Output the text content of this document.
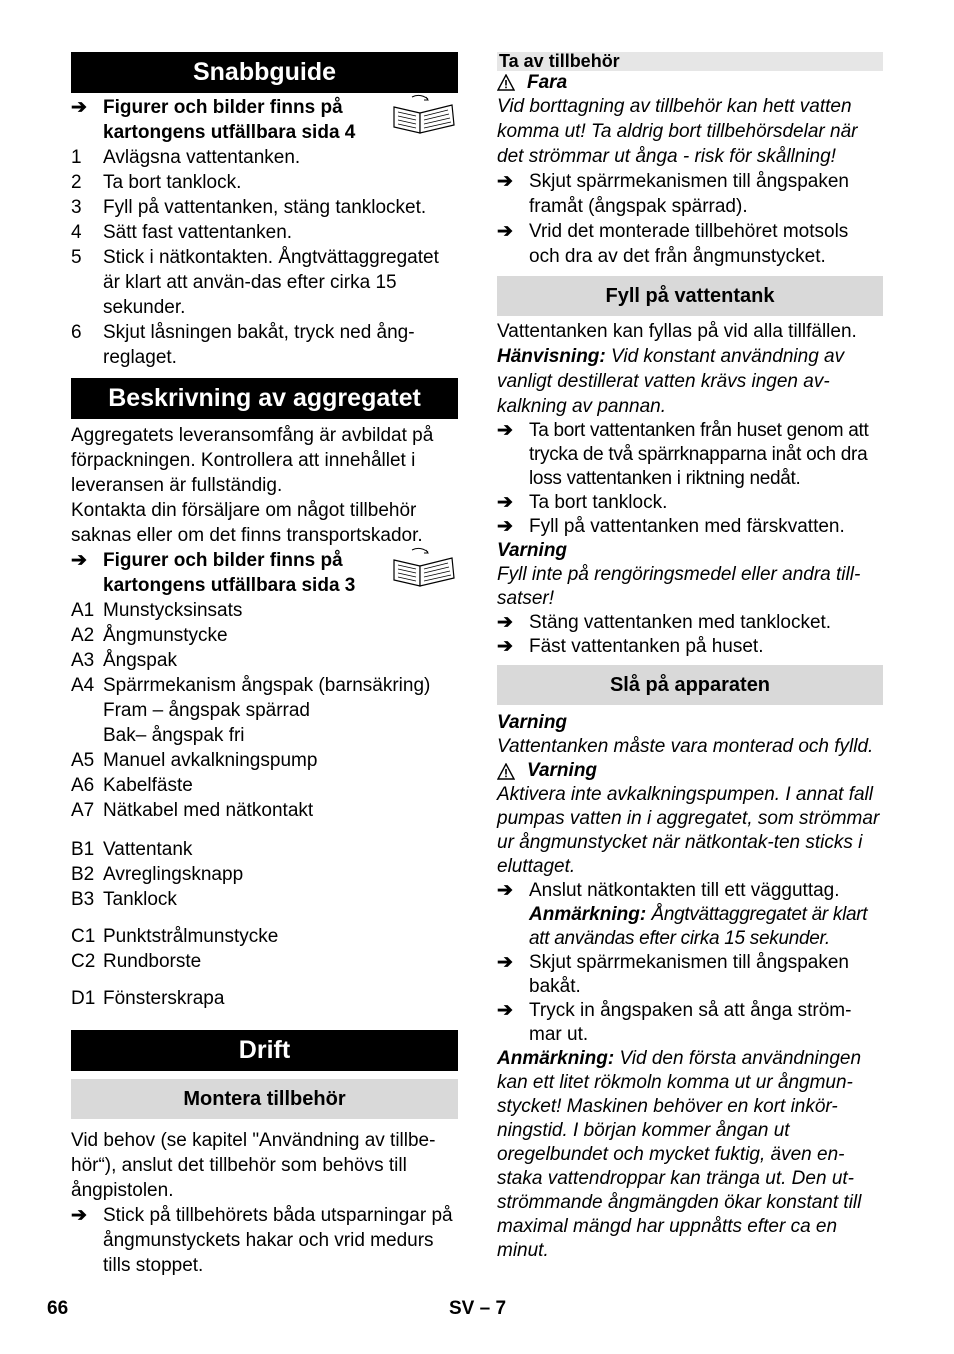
Snabbguide
➔ Figurer och bilder finns på kartongens utfällbara sida 4
1	Avlägsna vattentanken.
2	Ta bort tanklock.
3	Fyll på vattentanken, stäng tanklocket.
4	Sätt fast vattentanken.
5	Stick i nätkontakten. Ångtvättaggregatet är klart att använ-das efter cirka 15 sekunder.
6	Skjut låsningen bakåt, tryck ned ång-reglaget.
Beskrivning av aggregatet
Aggregatets leveransomfång är avbildat på förpackningen. Kontrollera att innehållet i leveransen är fullständig.
Kontakta din försäljare om något tillbehör saknas eller om det finns transportskador.
➔ Figurer och bilder finns på kartongens utfällbara sida 3
A1 Munstycksinsats
A2 Ångmunstycke
A3 Ångspak
A4 Spärrmekanism ångspak (barnsäkring)
Fram – ångspak spärrad
Bak– ångspak fri
A5 Manuel avkalkningspump
A6 Kabelfäste
A7 Nätkabel med nätkontakt
B1 Vattentank
B2 Avreglingsknapp
B3 Tanklock
C1 Punktstrålmunstycke
C2 Rundborste
D1 Fönsterskrapa
Drift
Montera tillbehör
Vid behov (se kapitel "Användning av tillbe-hör“), anslut det tillbehör som behövs till ångpistolen.
➔ Stick på tillbehörets båda utsparningar på ångmunstyckets hakar och vrid medurs tills stoppet.
Ta av tillbehör
Fara
Vid borttagning av tillbehör kan hett vatten komma ut! Ta aldrig bort tillbehörsdelar när det strömmar ut ånga - risk för skållning!
➔ Skjut spärrmekanismen till ångspaken framåt (ångspak spärrad).
➔ Vrid det monterade tillbehöret motsols och dra av det från ångmunstycket.
Fyll på vattentank
Vattentanken kan fyllas på vid alla tillfällen.
Hänvisning: Vid konstant användning av vanligt destillerat vatten krävs ingen av-kalkning av pannan.
➔ Ta bort vattentanken från huset genom att trycka de två spärrknapparna inåt och dra loss vattentanken i riktning nedåt.
➔ Ta bort tanklock.
➔ Fyll på vattentanken med färskvatten.
Varning
Fyll inte på rengöringsmedel eller andra till-satser!
➔ Stäng vattentanken med tanklocket.
➔ Fäst vattentanken på huset.
Slå på apparaten
Varning
Vattentanken måste vara monterad och fylld.
Varning
Aktivera inte avkalkningspumpen. I annat fall pumpas vatten in i aggregatet, som strömmar ur ångmunstycket när nätkontak-ten sticks i eluttaget.
➔ Anslut nätkontakten till ett vägguttag.
Anmärkning: Ångtvättaggregatet är klart att användas efter cirka 15 sekunder.
➔ Skjut spärrmekanismen till ångspaken bakåt.
➔ Tryck in ångspaken så att ånga ström-mar ut.
Anmärkning: Vid den första användningen kan ett litet rökmoln komma ut ur ångmun-stycket! Maskinen behöver en kort inkör-ningstid. I början kommer ångan ut oregelbundet och mycket fuktig, även en-staka vattendroppar kan tränga ut. Den ut-strömmande ångmängden ökar konstant till maximal mängd har uppnåtts efter ca en minut.
66	SV – 7
